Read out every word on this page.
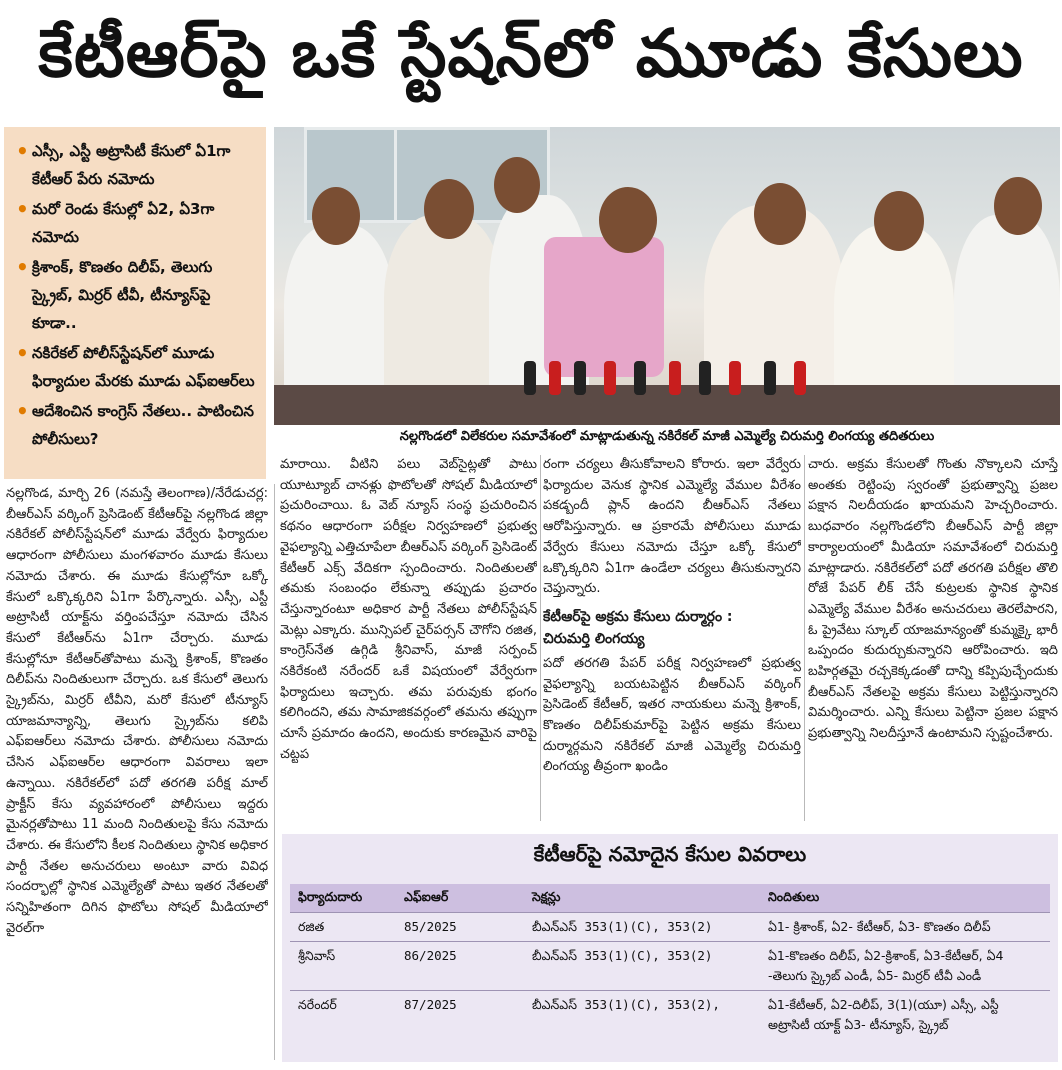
కేటీఆర్‌పై ఒకే స్టేషన్‌లో మూడు కేసులు
• ఎస్సీ, ఎస్టీ అట్రాసిటీ కేసులో ఏ1గా కేటీఆర్ పేరు నమోదు
• మరో రెండు కేసుల్లో ఏ2, ఏ3గా నమోదు
• క్రిశాంక్, కొణతం దిలీప్, తెలుగు స్క్రైబ్, మిర్రర్ టీవీ, టీన్యూస్‌పై కూడా..
• నకిరేకల్ పోలీస్‌స్టేషన్‌లో మూడు ఫిర్యాదుల మేరకు మూడు ఎఫ్ఐఆర్‌లు
• ఆదేశించిన కాంగ్రెస్ నేతలు.. పాటించిన పోలీసులు?	నల్లగొండలో విలేకరుల సమావేశంలో మాట్లాడుతున్న నకిరేకల్ మాజీ ఎమ్మెల్యే చిరుమర్తి లింగయ్య తదితరులు

నల్లగొండ, మార్చి 26 (నమస్తే తెలంగాణ)/నేరేడుచర్ల: బీఆర్ఎస్ వర్కింగ్ ప్రెసిడెంట్ కేటీఆర్‌పై నల్లగొండ జిల్లా నకిరేకల్ పోలీస్‌స్టేషన్‌లో మూడు వేర్వేరు ఫిర్యాదుల ఆధారంగా పోలీసులు మంగళవారం మూడు కేసులు నమోదు చేశారు. ఈ మూడు కేసుల్లోనూ ఒక్కో కేసులో ఒక్కొక్కరిని ఏ1గా పేర్కొన్నారు. ఎస్సీ, ఎస్టీ అట్రాసిటీ యాక్ట్‌ను వర్తింపచేస్తూ నమోదు చేసిన కేసులో కేటీఆర్‌ను ఏ1గా చేర్చారు. మూడు కేసుల్లోనూ కేటీఆర్‌తోపాటు మన్నె క్రిశాంక్, కొణతం దిలీప్‌ను నిందితులుగా చేర్చారు. ఒక కేసులో తెలుగు స్క్రైబ్‌ను, మిర్రర్ టీవీని, మరో కేసులో టీన్యూస్ యాజమాన్యాన్ని, తెలుగు స్క్రైబ్‌ను కలిపి ఎఫ్ఐఆర్‌లు నమోదు చేశారు. పోలీసులు నమోదు చేసిన ఎఫ్ఐఆర్‌ల ఆధారంగా వివరాలు ఇలా ఉన్నాయి. నకిరేకల్‌లో పదో తరగతి పరీక్ష మాల్ ప్రాక్టీస్ కేసు వ్యవహారంలో పోలీసులు ఇద్దరు మైనర్లతోపాటు 11 మంది నిందితులపై కేసు నమోదు చేశారు. ఈ కేసులోని కీలక నిందితులు స్థానిక అధికార పార్టీ నేతల అనుచరులు అంటూ వారు వివిధ సందర్భాల్లో స్థానిక ఎమ్మెల్యేతో పాటు ఇతర నేతలతో సన్నిహితంగా దిగిన ఫొటోలు సోషల్ మీడియాలో వైరల్‌గా

మారాయి. వీటిని పలు వెబ్‌సైట్లతో పాటు యూట్యూబ్ చానళ్లు ఫొటోలతో సోషల్ మీడియాలో ప్రచురించాయి. ఓ వెబ్ న్యూస్ సంస్థ ప్రచురించిన కథనం ఆధారంగా పరీక్షల నిర్వహణలో ప్రభుత్వ వైఫల్యాన్ని ఎత్తిచూపేలా బీఆర్ఎస్ వర్కింగ్ ప్రెసిడెంట్ కేటీఆర్ ఎక్స్ వేదికగా స్పందించారు. నిందితులతో తమకు సంబంధం లేకున్నా తప్పుడు ప్రచారం చేస్తున్నారంటూ అధికార పార్టీ నేతలు పోలీస్‌స్టేషన్ మెట్లు ఎక్కారు. మున్సిపల్ చైర్‌పర్సన్ చౌగోని రజిత, కాంగ్రెస్‌నేత ఉగ్గిడి శ్రీనివాస్, మాజీ సర్పంచ్ నకిరేకంటి నరేందర్ ఒకే విషయంలో వేర్వేరుగా ఫిర్యాదులు ఇచ్చారు. తమ పరువుకు భంగం కలిగిందని, తమ సామాజికవర్గంలో తమను తప్పుగా చూసే ప్రమాదం ఉందని, అందుకు కారణమైన వారిపై చట్టప

రంగా చర్యలు తీసుకోవాలని కోరారు. ఇలా వేర్వేరు ఫిర్యాదుల వెనుక స్థానిక ఎమ్మెల్యే వేముల వీరేశం పకడ్బందీ ప్లాన్ ఉందని బీఆర్ఎస్ నేతలు ఆరోపిస్తున్నారు. ఆ ప్రకారమే పోలీసులు మూడు వేర్వేరు కేసులు నమోదు చేస్తూ ఒక్కో కేసులో ఒక్కొక్కరిని ఏ1గా ఉండేలా చర్యలు తీసుకున్నారని చెప్తున్నారు.

కేటీఆర్‌పై అక్రమ కేసులు దుర్మార్గం :
చిరుమర్తి లింగయ్య

పదో తరగతి పేపర్ పరీక్ష నిర్వహణలో ప్రభుత్వ వైఫల్యాన్ని బయటపెట్టిన బీఆర్ఎస్ వర్కింగ్ ప్రెసిడెంట్ కేటీఆర్, ఇతర నాయకులు మన్నె క్రిశాంక్, కొణతం దిలీప్‌కుమార్‌పై పెట్టిన అక్రమ కేసులు దుర్మార్గమని నకిరేకల్ మాజీ ఎమ్మెల్యే చిరుమర్తి లింగయ్య తీవ్రంగా ఖండిం

చారు. అక్రమ కేసులతో గొంతు నొక్కాలని చూస్తే అంతకు రెట్టింపు స్వరంతో ప్రభుత్వాన్ని ప్రజల పక్షాన నిలదీయడం ఖాయమని హెచ్చరించారు. బుధవారం నల్లగొండలోని బీఆర్ఎస్ పార్టీ జిల్లా కార్యాలయంలో మీడియా సమావేశంలో చిరుమర్తి మాట్లాడారు. నకిరేకల్‌లో పదో తరగతి పరీక్షల తొలి రోజే పేపర్ లీక్ చేసే కుట్రలకు స్థానిక స్థానిక ఎమ్మెల్యే వేముల వీరేశం అనుచరులు తెరలేపారని, ఓ ప్రైవేటు స్కూల్ యాజమాన్యంతో కుమ్మక్కై భారీ ఒప్పందం కుదుర్చుకున్నారని ఆరోపించారు. ఇది బహిర్గతమై రచ్చకెక్కడంతో దాన్ని కప్పిపుచ్చేందుకు బీఆర్ఎస్ నేతలపై అక్రమ కేసులు పెట్టిస్తున్నారని విమర్శించారు. ఎన్ని కేసులు పెట్టినా ప్రజల పక్షాన ప్రభుత్వాన్ని నిలదీస్తూనే ఉంటామని స్పష్టంచేశారు.

కేటీఆర్‌పై నమోదైన కేసుల వివరాలు
ఫిర్యాదుదారు	ఎఫ్ఐఆర్	సెక్షన్లు	నిందితులు
రజిత	85/2025	బీఎన్ఎస్ 353(1)(C), 353(2)	ఏ1- క్రిశాంక్, ఏ2- కేటీఆర్, ఏ3- కొణతం దిలీప్
శ్రీనివాస్	86/2025	బీఎన్ఎస్ 353(1)(C), 353(2)	ఏ1-కొణతం దిలీప్, ఏ2-క్రిశాంక్, ఏ3-కేటీఆర్, ఏ4 -తెలుగు స్క్రైబ్ ఎండీ, ఏ5- మిర్రర్ టీవీ ఎండీ
నరేందర్	87/2025	బీఎన్ఎస్ 353(1)(C), 353(2),	ఏ1-కేటీఆర్, ఏ2-దిలీప్, 3(1)(యూ) ఎస్సీ, ఎస్టీ అట్రాసిటీ యాక్ట్ ఏ3- టీన్యూస్, స్క్రైబ్
